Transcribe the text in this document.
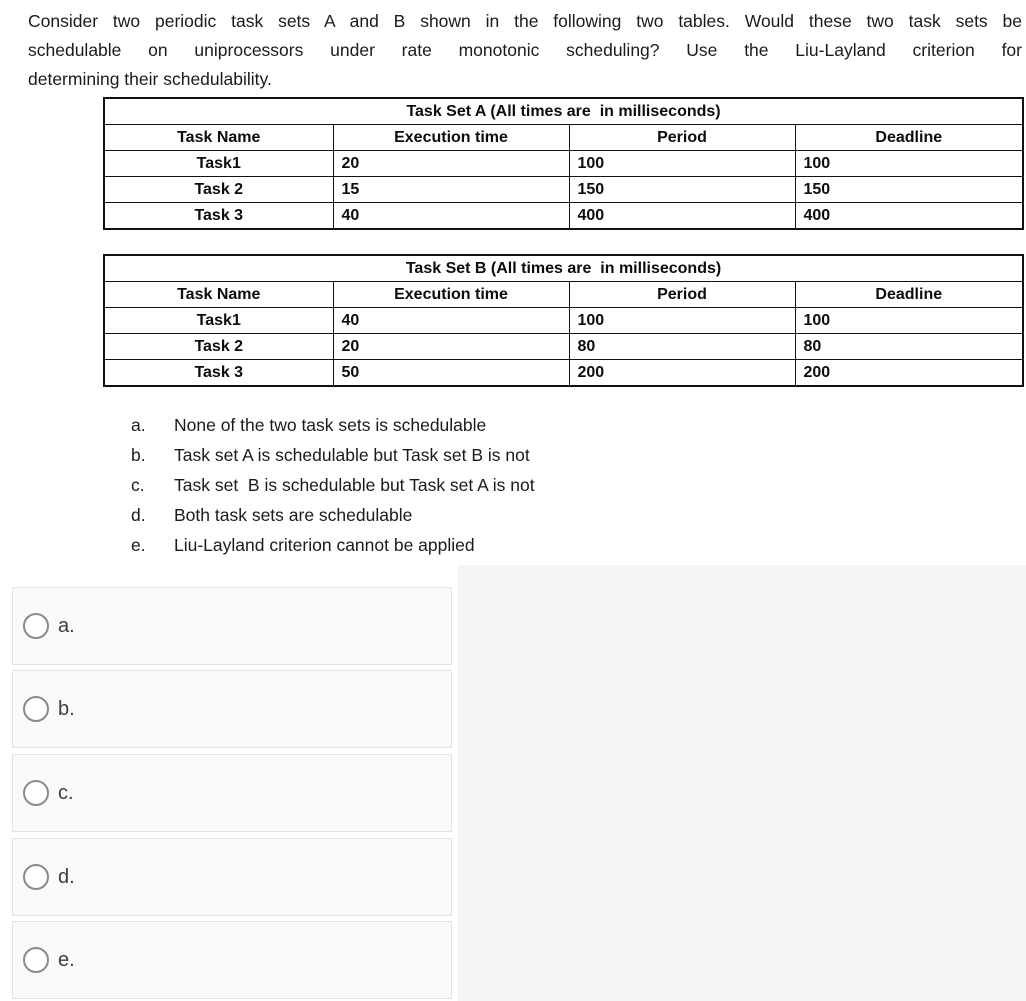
Consider two periodic task sets A and B shown in the following two tables. Would these two task sets be
schedulable on uniprocessors under rate monotonic scheduling? Use the Liu-Layland criterion for
determining their schedulability.
Task Set A (All times are  in milliseconds)			
Task Name	Execution time	Period	Deadline
Task1	20	100	100
Task 2	15	150	150
Task 3	40	400	400
Task Set B (All times are  in milliseconds)			
Task Name	Execution time	Period	Deadline
Task1	40	100	100
Task 2	20	80	80
Task 3	50	200	200
a.	None of the two task sets is schedulable
b.	Task set A is schedulable but Task set B is not
c.	Task set  B is schedulable but Task set A is not
d.	Both task sets are schedulable
e.	Liu-Layland criterion cannot be applied
a.
b.
c.
d.
e.
